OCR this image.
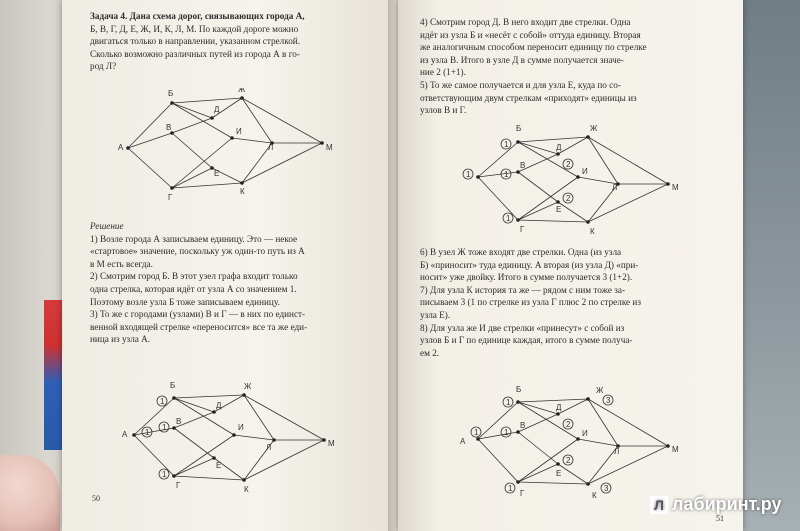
Задача 4. Дана схема дорог, связывающих города А,

Б, В, Г, Д, Е, Ж, И, К, Л, М. По каждой дороге можно

двигаться только в направлении, указанном стрелкой.

Сколько возможно различных путей из города А в го-

род Л?

А
Б
В
Г
Д
Е
Ж
И
К
Л	М

Решение

1) Возле города А записываем единицу. Это — некое

«стартовое» значение, поскольку уж один-то путь из А

в М есть всегда.

2) Смотрим город Б. В этот узел графа входит только

одна стрелка, которая идёт от узла А со значением 1.

Поэтому возле узла Б тоже записываем единицу.

3) То же с городами (узлами) В и Г — в них по единст-

венной входящей стрелке «переносится» все та же еди-

ница из узла А.

1
1
1
1
А
Б
В
Г
Д
Е
Ж
И
К
Л	М
50

4) Смотрим город Д. В него входит две стрелки. Одна

идёт из узла Б и «несёт с собой» оттуда единицу. Вторая

же аналогичным способом переносит единицу по стрелке

из узла В. Итого в узле Д в сумме получается значе-

ние 2 (1+1).

5) То же самое получается и для узла Е, куда по со-

ответствующим двум стрелкам «приходят» единицы из

узлов В и Г.

1
1
1
1
2
2
Б
В
Г
Д
Е
Ж
И
К
Л	М

6) В узел Ж тоже входят две стрелки. Одна (из узла

Б) «приносит» туда единицу. А вторая (из узла Д) «при-

носит» уже двойку. Итого в сумме получается 3 (1+2).

7) Для узла К история та же — рядом с ним тоже за-

писываем 3 (1 по стрелке из узла Г плюс 2 по стрелке из

узла Е).

8) Для узла же И две стрелки «принесут» с собой из

узлов Б и Г по единице каждая, итого в сумме получа-

ем 2.

1
1
1
1
2
2
3
3
А
Б
В
Г
Д
Е
Ж
И
К
Л	М
51
Л лабиринт.ру
